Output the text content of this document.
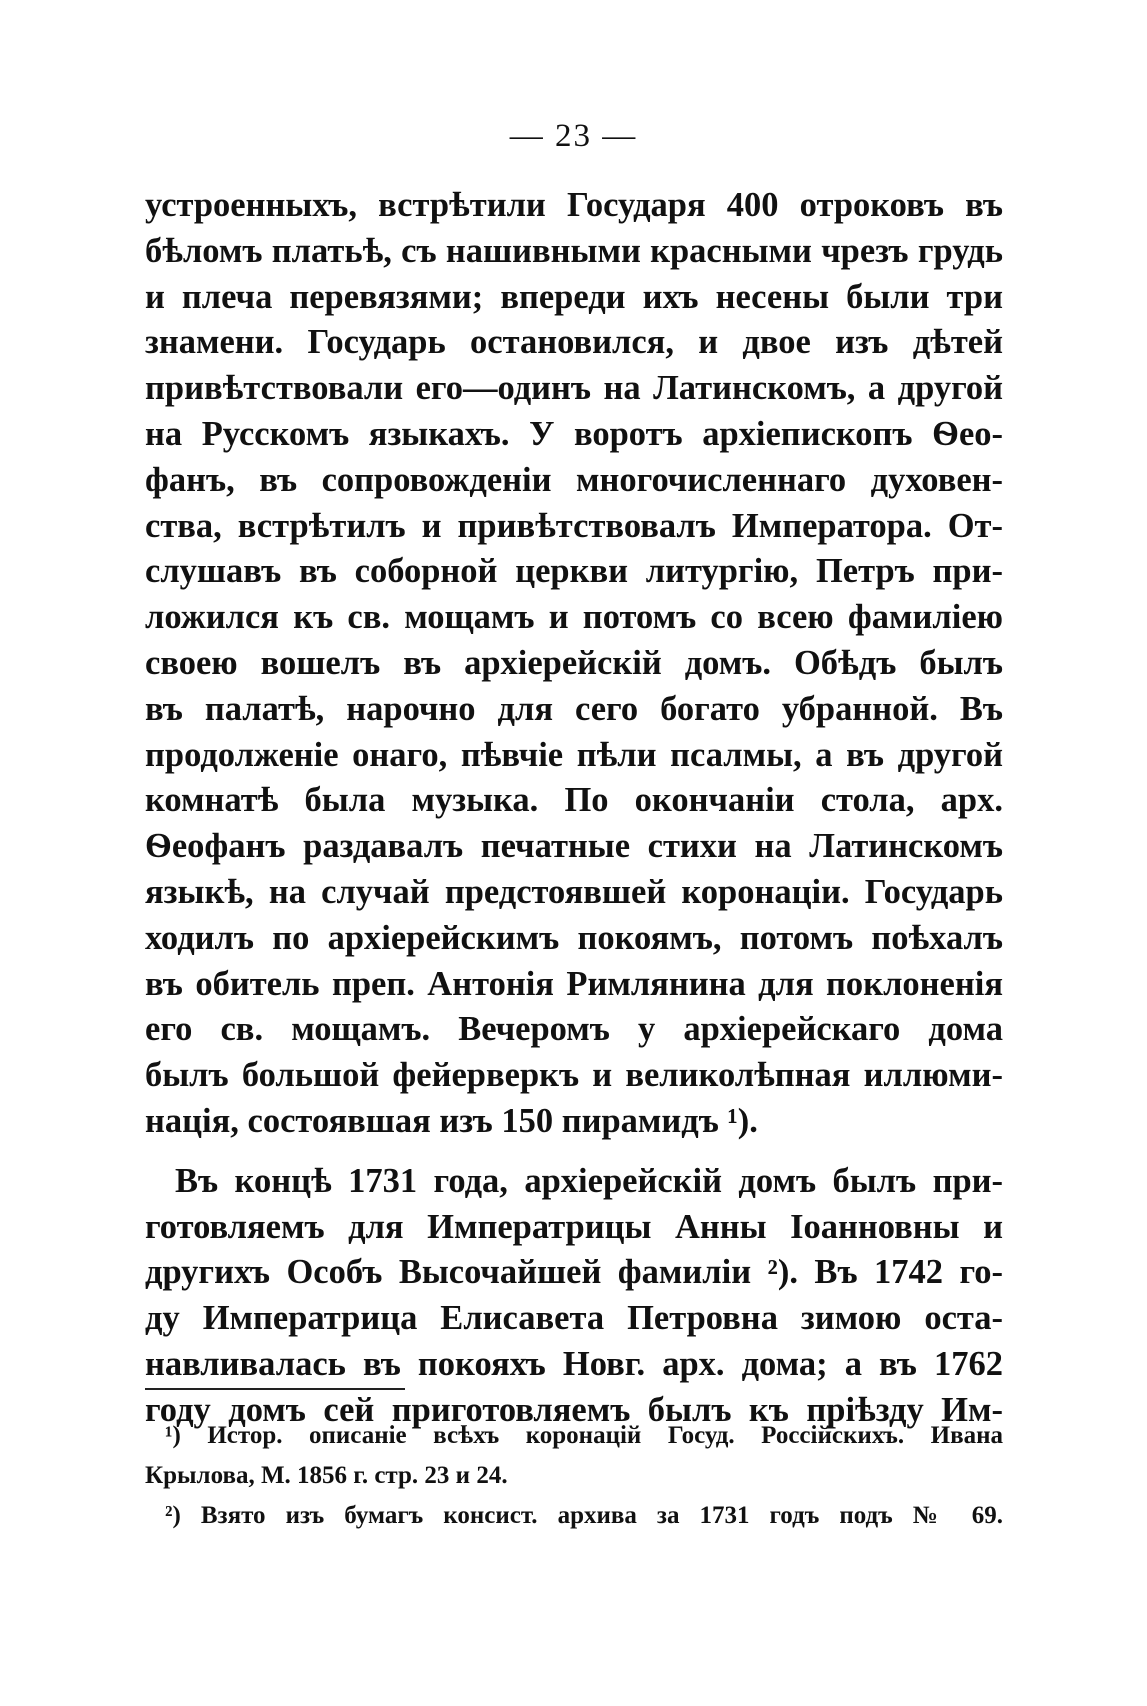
— 23 —
устроенныхъ, встрѣтили Государя 400 отроковъ въ
бѣломъ платьѣ, съ нашивными красными чрезъ грудь
и плеча перевязями; впереди ихъ несены были три
знамени. Государь остановился, и двое изъ дѣтей
привѣтствовали его—одинъ на Латинскомъ, а другой
на Русскомъ языкахъ. У воротъ архіепископъ Ѳео-
фанъ, въ сопровожденіи многочисленнаго духовен-
ства, встрѣтилъ и привѣтствовалъ Императора. От-
слушавъ въ соборной церкви литургію, Петръ при-
ложился къ св. мощамъ и потомъ со всею фамиліею
своею вошелъ въ архіерейскій домъ. Обѣдъ былъ
въ палатѣ, нарочно для сего богато убранной. Въ
продолженіе онаго, пѣвчіе пѣли псалмы, а въ другой
комнатѣ была музыка. По окончаніи стола, арх.
Ѳеофанъ раздавалъ печатные стихи на Латинскомъ
языкѣ, на случай предстоявшей коронаціи. Государь
ходилъ по архіерейскимъ покоямъ, потомъ поѣхалъ
въ обитель преп. Антонія Римлянина для поклоненія
его св. мощамъ. Вечеромъ у архіерейскаго дома
былъ большой фейерверкъ и великолѣпная иллюми-
нація, состоявшая изъ 150 пирамидъ ¹).
Въ концѣ 1731 года, архіерейскій домъ былъ при-
готовляемъ для Императрицы Анны Іоанновны и
другихъ Особъ Высочайшей фамиліи ²). Въ 1742 го-
ду Императрица Елисавета Петровна зимою оста-
навливалась въ покояхъ Новг. арх. дома; а въ 1762
году домъ сей приготовляемъ былъ къ пріѣзду Им-
¹) Истор. описаніе всѣхъ коронацій Госуд. Россійскихъ. Ивана
Крылова, М. 1856 г. стр. 23 и 24.
²) Взято изъ бумагъ консист. архива за 1731 годъ подъ № 69.
